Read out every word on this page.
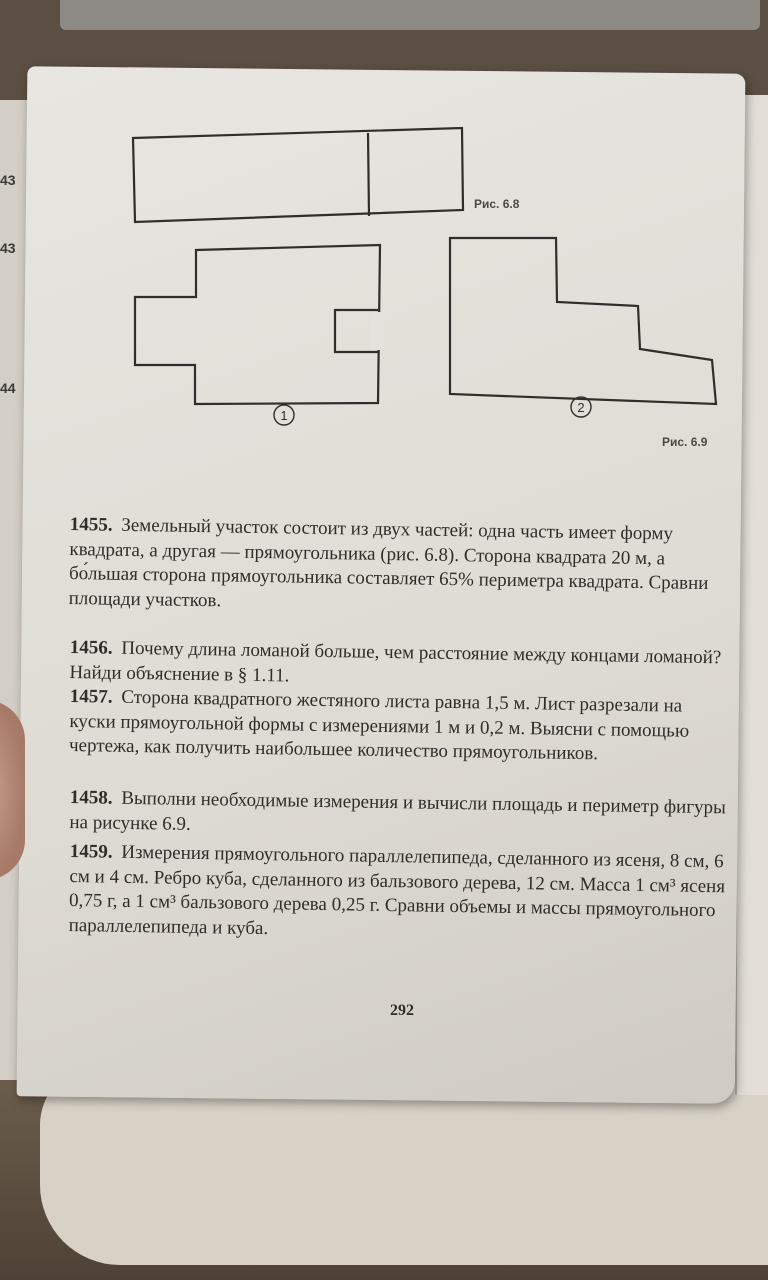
43
43
44
1
2
Рис. 6.8
Рис. 6.9
1455. Земельный участок состоит из двух частей: одна часть имеет форму квадрата, а другая — прямоугольника (рис. 6.8). Сторона квадрата 20 м, а бо́льшая сторона прямоугольника составляет 65% периметра квадрата. Сравни площади участков.
1456. Почему длина ломаной больше, чем расстояние между концами ломаной? Найди объяснение в § 1.11.
1457. Сторона квадратного жестяного листа равна 1,5 м. Лист разрезали на куски прямоугольной формы с измерениями 1 м и 0,2 м. Выясни с помощью чертежа, как получить наибольшее количество прямоугольников.
1458. Выполни необходимые измерения и вычисли площадь и периметр фигуры на рисунке 6.9.
1459. Измерения прямоугольного параллелепипеда, сделанного из ясеня, 8 см, 6 см и 4 см. Ребро куба, сделанного из бальзового дерева, 12 см. Масса 1 см³ ясеня 0,75 г, а 1 см³ бальзового дерева 0,25 г. Сравни объемы и массы прямоугольного параллелепипеда и куба.
292
